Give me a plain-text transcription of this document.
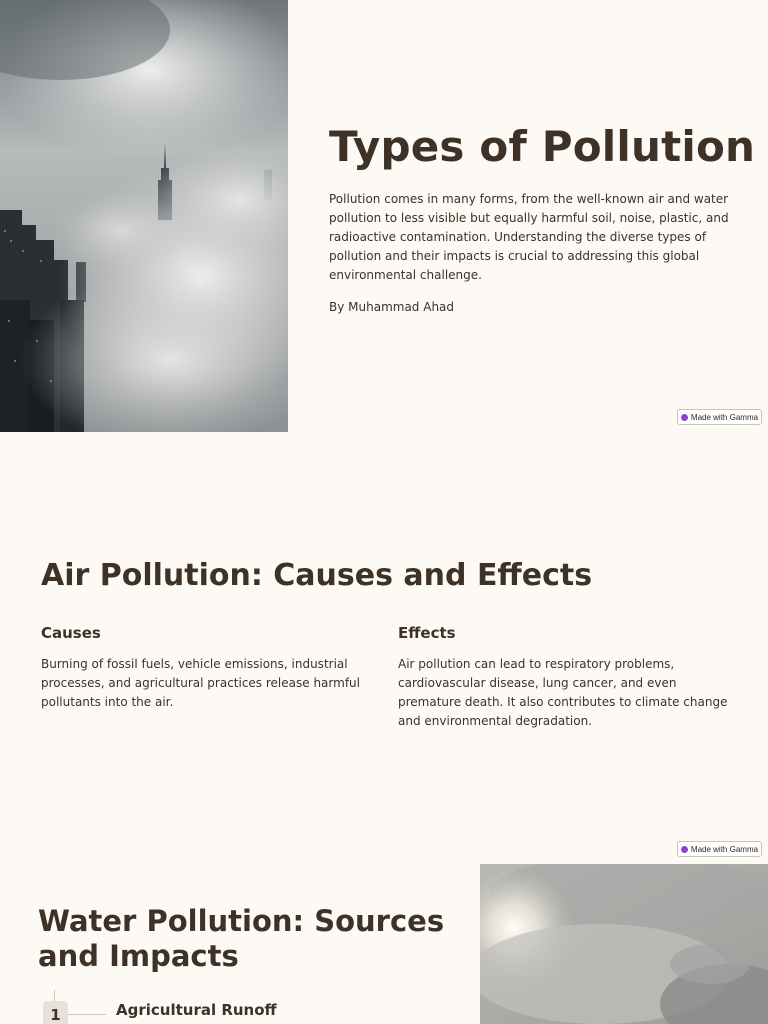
Types of Pollution

Pollution comes in many forms, from the well-known air and water pollution to less visible but equally harmful soil, noise, plastic, and radioactive contamination. Understanding the diverse types of pollution and their impacts is crucial to addressing this global environmental challenge.

By Muhammad Ahad

Made with Gamma
Air Pollution: Causes and Effects
Causes

Burning of fossil fuels, vehicle emissions, industrial processes, and agricultural practices release harmful pollutants into the air.

Effects

Air pollution can lead to respiratory problems, cardiovascular disease, lung cancer, and even premature death. It also contributes to climate change and environmental degradation.

Made with Gamma
Water Pollution: Sources
and Impacts
1	Agricultural Runoff
